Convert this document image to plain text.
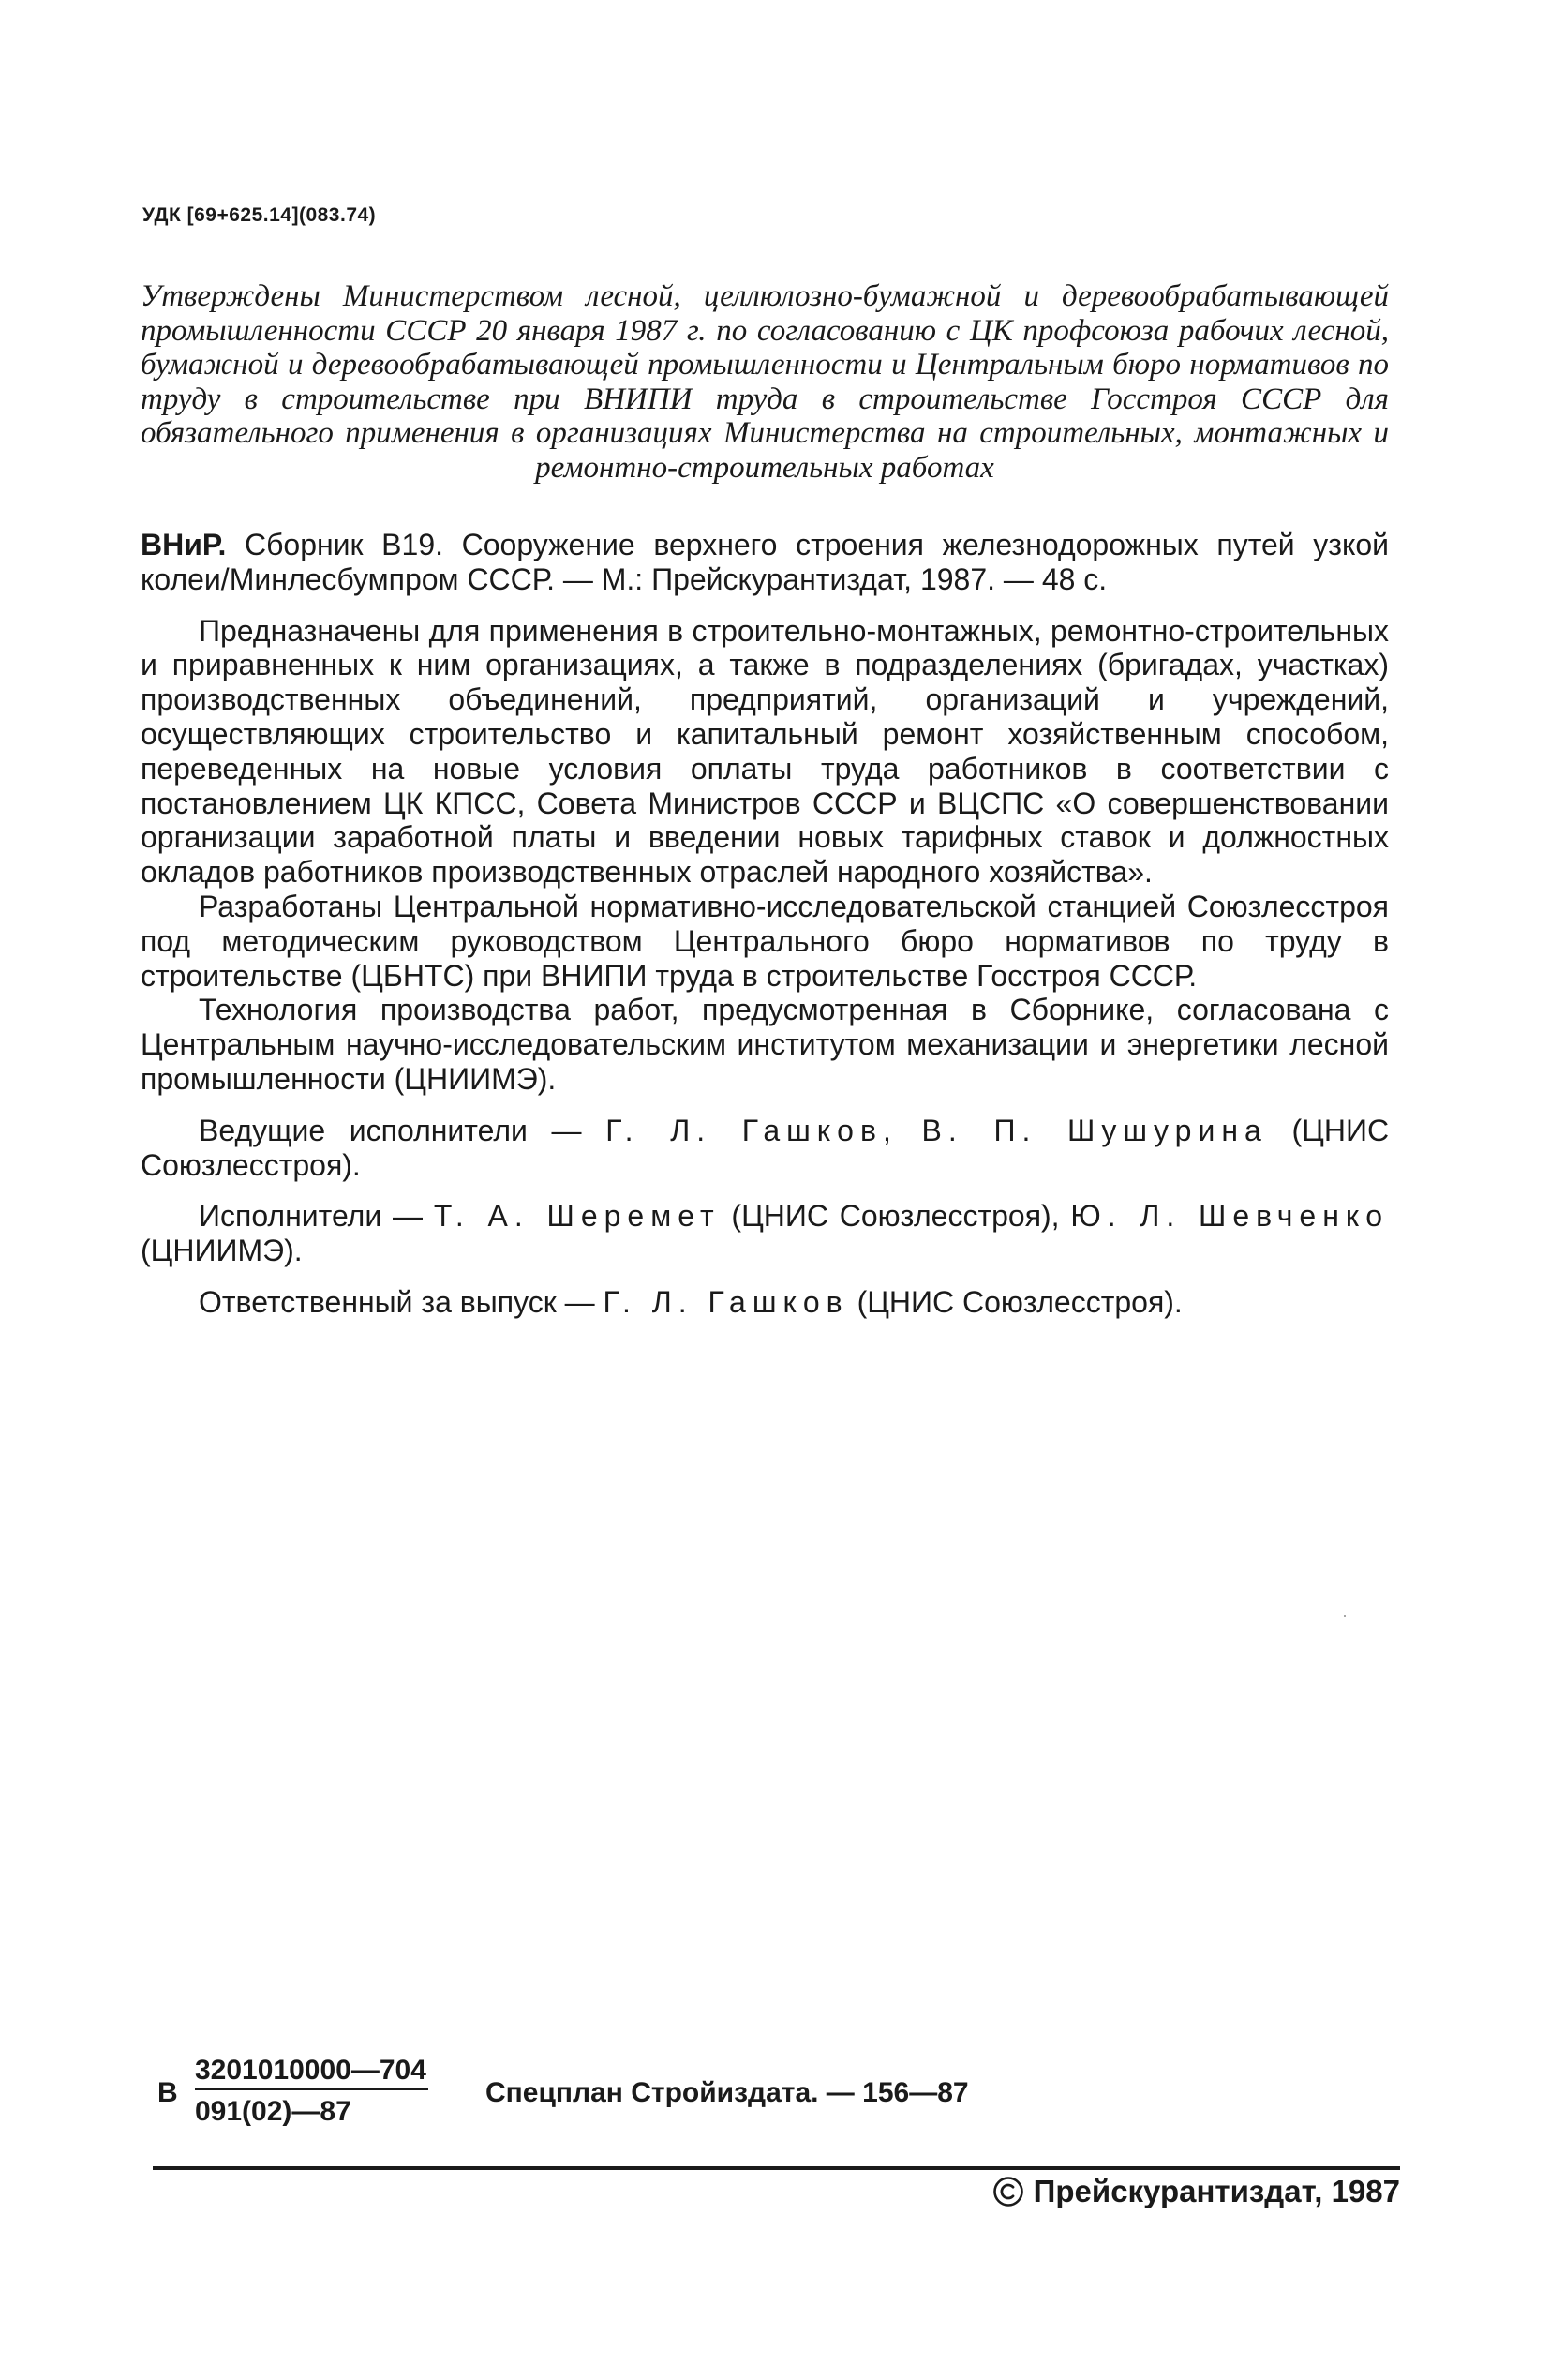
УДК [69+625.14](083.74)
Утверждены Министерством лесной, целлюлозно-бумажной и деревообрабатывающей промышленности СССР 20 января 1987 г. по согласованию с ЦК профсоюза рабочих лесной, бумажной и деревообрабатывающей промышленности и Центральным бюро нормативов по труду в строительстве при ВНИПИ труда в строительстве Госстроя СССР для обязательного применения в организациях Министерства на строительных, монтажных и ремонтно-строительных работах

ВНиР. Сборник В19. Сооружение верхнего строения железнодорожных путей узкой колеи/Минлесбумпром СССР. — М.: Прейскурантиздат, 1987. — 48 с.

Предназначены для применения в строительно-монтажных, ремонтно-строительных и приравненных к ним организациях, а также в подразделениях (бригадах, участках) производственных объединений, предприятий, организаций и учреждений, осуществляющих строительство и капитальный ремонт хозяйственным способом, переведенных на новые условия оплаты труда работников в соответствии с постановлением ЦК КПСС, Совета Министров СССР и ВЦСПС «О совершенствовании организации заработной платы и введении новых тарифных ставок и должностных окладов работников производственных отраслей народного хозяйства».

Разработаны Центральной нормативно-исследовательской станцией Союзлесстроя под методическим руководством Центрального бюро нормативов по труду в строительстве (ЦБНТС) при ВНИПИ труда в строительстве Госстроя СССР.

Технология производства работ, предусмотренная в Сборнике, согласована с Центральным научно-исследовательским институтом механизации и энергетики лесной промышленности (ЦНИИМЭ).

Ведущие исполнители — Г. Л. Гашков, В. П. Шушурина (ЦНИС Союзлесстроя).

Исполнители — Т. А. Шеремет (ЦНИС Союзлесстроя), Ю. Л. Шевченко (ЦНИИМЭ).

Ответственный за выпуск — Г. Л. Гашков (ЦНИС Союзлесстроя).

В $\frac{3201010000—704}{091(02)—87}$ Спецплан Стройиздата. — 156—87
Прейскурантиздат, 1987
